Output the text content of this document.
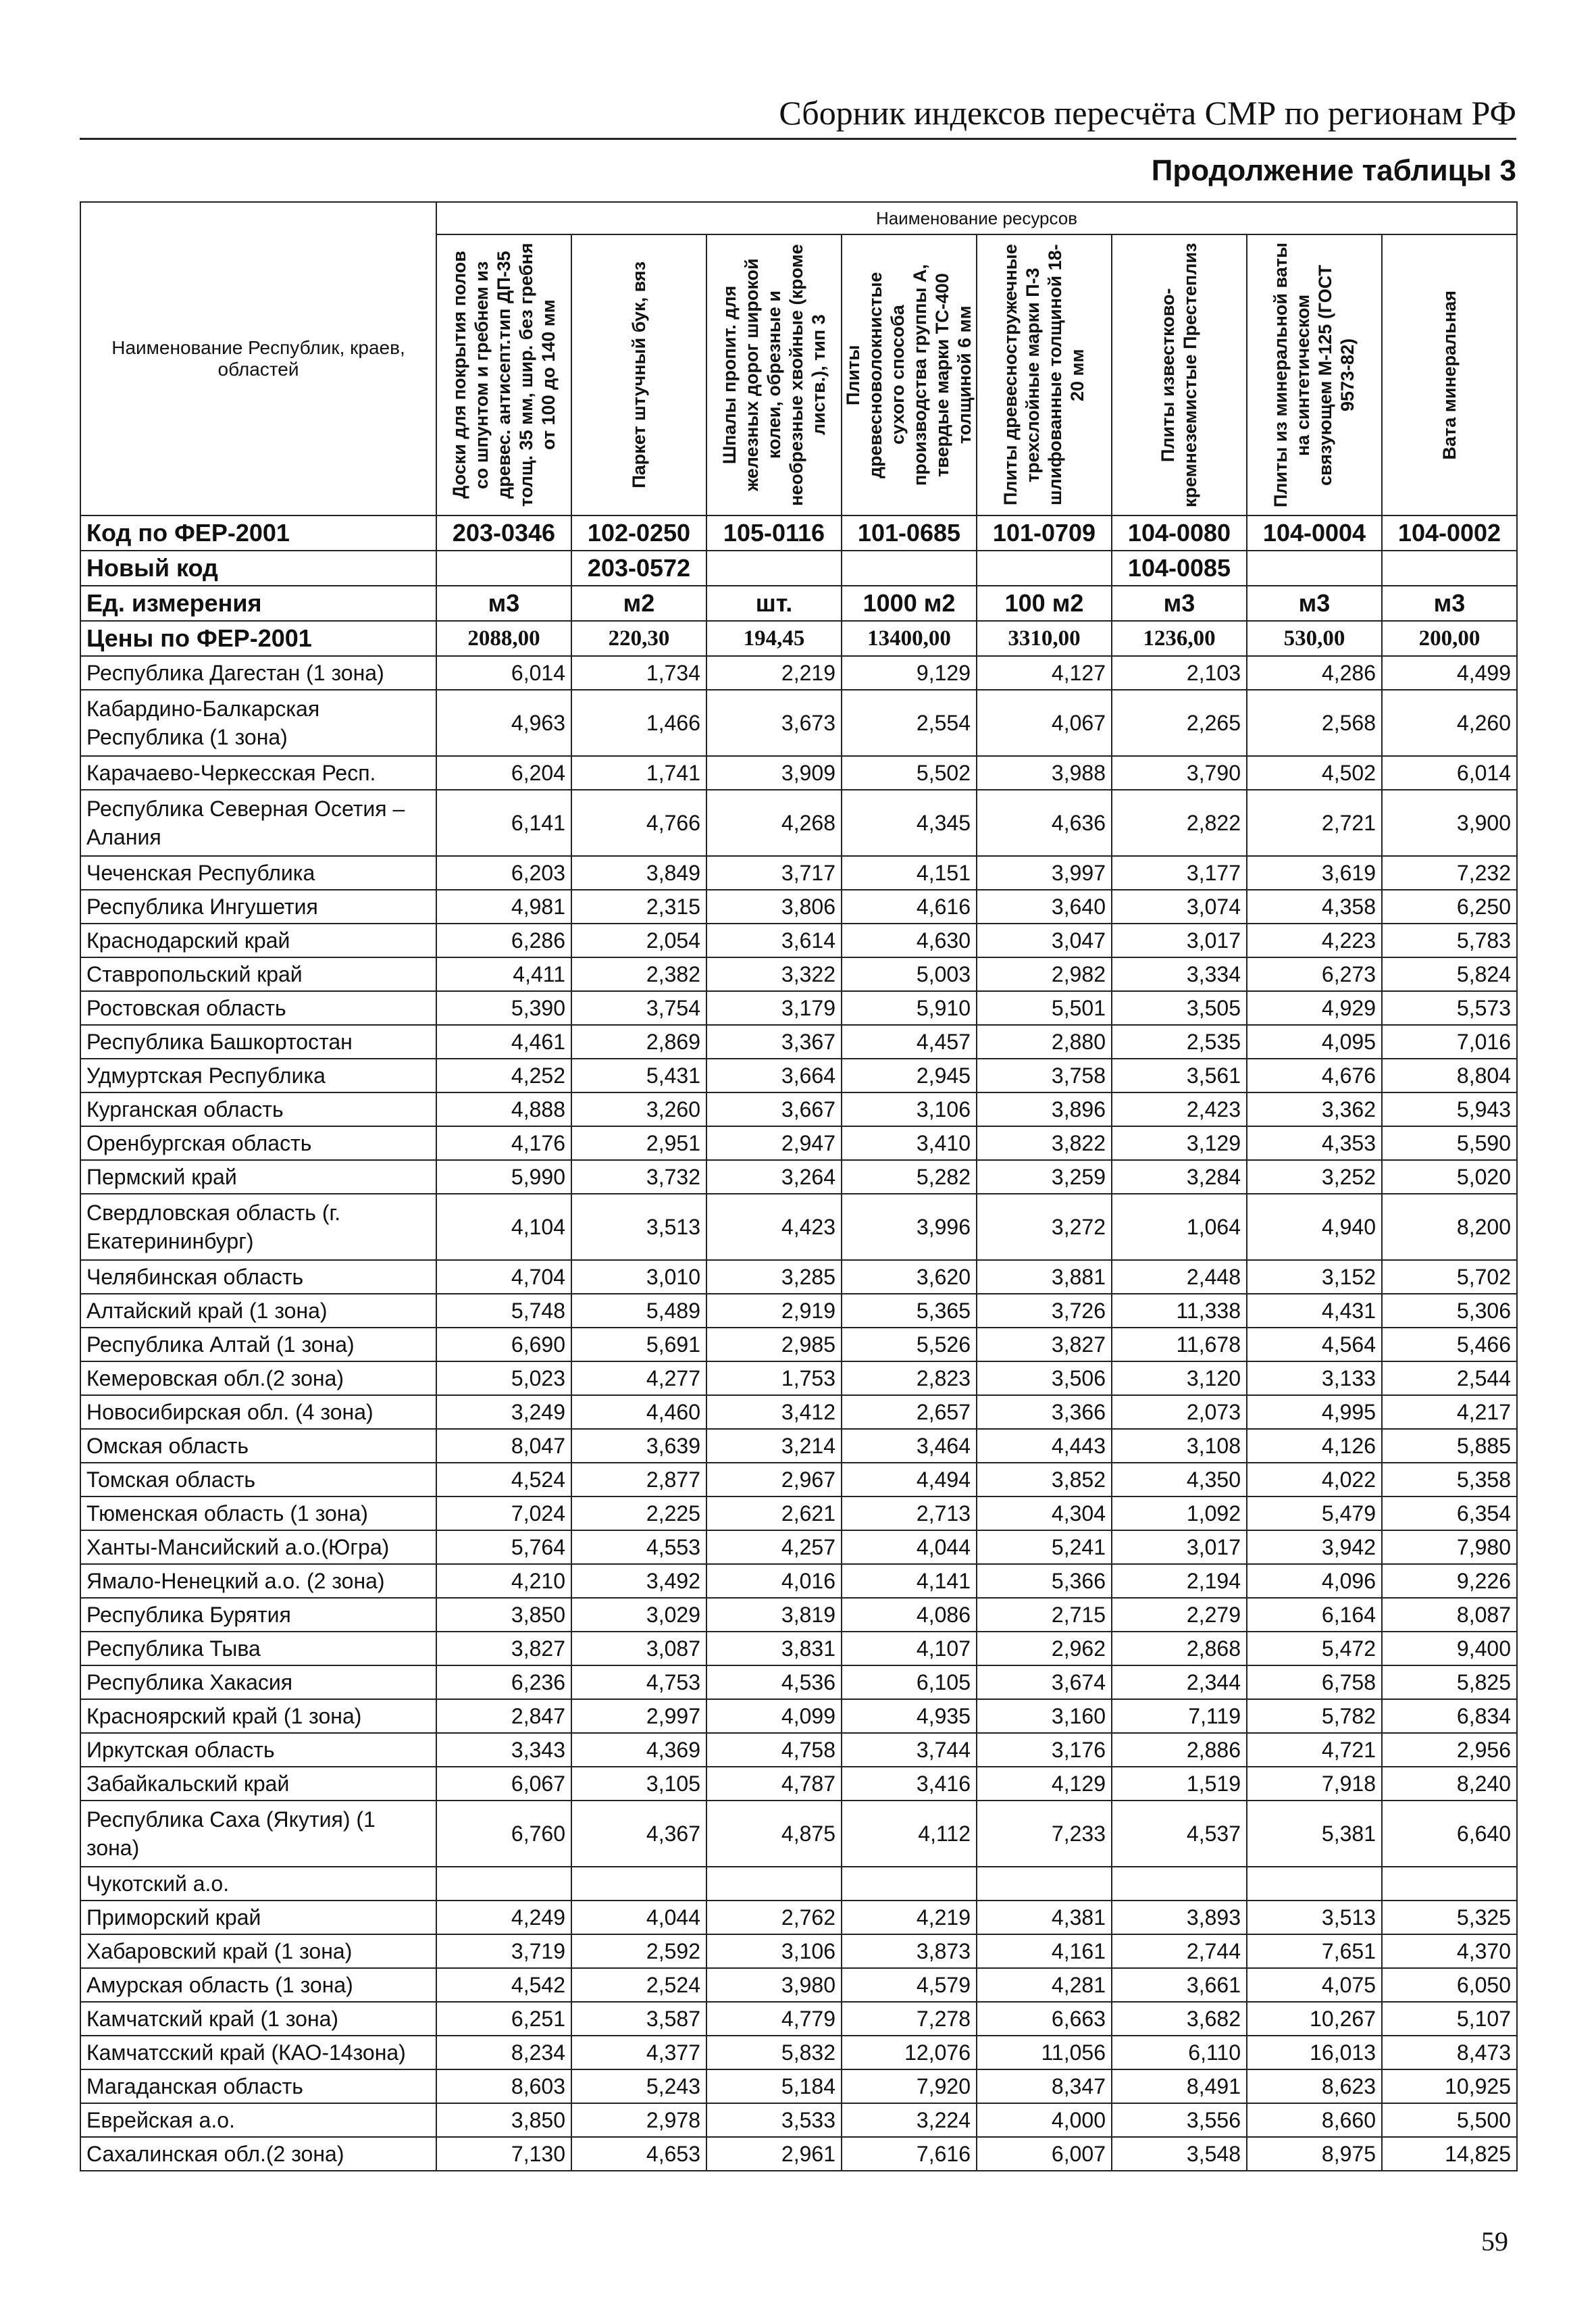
Сборник индексов пересчёта СМР по регионам РФ
Продолжение таблицы 3
Наименование Республик, краев, областей	Наименование ресурсов							

	Доски для покрытия полов со шпунтом и гребнем из древес. антисепт.тип ДП-35 толщ. 35 мм, шир. без гребня от 100 до 140 мм	Паркет штучный бук, вяз	Шпалы пропит. для железных дорог широкой колеи, обрезные и необрезные хвойные (кроме листв.), тип 3	Плиты древесноволокнистые сухого способа производства группы А, твердые марки ТС-400 толщиной 6 мм	Плиты древесностружечные трехслойные марки П-3 шлифованные толщиной 18-20 мм	Плиты известково-кремнеземистые Престеплиз	Плиты из минеральной ваты на синтетическом связующем М-125 (ГОСТ 9573-82)	Вата минеральная

Код по ФЕР-2001	203-0346	102-0250	105-0116	101-0685	101-0709	104-0080	104-0004	104-0002
Новый код		203-0572				104-0085		
Ед. измерения	м3	м2	шт.	1000 м2	100 м2	м3	м3	м3
Цены по ФЕР-2001	2088,00	220,30	194,45	13400,00	3310,00	1236,00	530,00	200,00
Республика Дагестан (1 зона)	6,014	1,734	2,219	9,129	4,127	2,103	4,286	4,499
Кабардино-Балкарская Республика (1 зона)	4,963	1,466	3,673	2,554	4,067	2,265	2,568	4,260
Карачаево-Черкесская Респ.	6,204	1,741	3,909	5,502	3,988	3,790	4,502	6,014
Республика Северная Осетия – Алания	6,141	4,766	4,268	4,345	4,636	2,822	2,721	3,900
Чеченская Республика	6,203	3,849	3,717	4,151	3,997	3,177	3,619	7,232
Республика Ингушетия	4,981	2,315	3,806	4,616	3,640	3,074	4,358	6,250
Краснодарский край	6,286	2,054	3,614	4,630	3,047	3,017	4,223	5,783
Ставропольский край	4,411	2,382	3,322	5,003	2,982	3,334	6,273	5,824
Ростовская область	5,390	3,754	3,179	5,910	5,501	3,505	4,929	5,573
Республика Башкортостан	4,461	2,869	3,367	4,457	2,880	2,535	4,095	7,016
Удмуртская Республика	4,252	5,431	3,664	2,945	3,758	3,561	4,676	8,804
Курганская область	4,888	3,260	3,667	3,106	3,896	2,423	3,362	5,943
Оренбургская область	4,176	2,951	2,947	3,410	3,822	3,129	4,353	5,590
Пермский край	5,990	3,732	3,264	5,282	3,259	3,284	3,252	5,020
Свердловская область (г. Екатерининбург)	4,104	3,513	4,423	3,996	3,272	1,064	4,940	8,200
Челябинская область	4,704	3,010	3,285	3,620	3,881	2,448	3,152	5,702
Алтайский край (1 зона)	5,748	5,489	2,919	5,365	3,726	11,338	4,431	5,306
Республика Алтай (1 зона)	6,690	5,691	2,985	5,526	3,827	11,678	4,564	5,466
Кемеровская обл.(2 зона)	5,023	4,277	1,753	2,823	3,506	3,120	3,133	2,544
Новосибирская обл. (4 зона)	3,249	4,460	3,412	2,657	3,366	2,073	4,995	4,217
Омская область	8,047	3,639	3,214	3,464	4,443	3,108	4,126	5,885
Томская область	4,524	2,877	2,967	4,494	3,852	4,350	4,022	5,358
Тюменская область (1 зона)	7,024	2,225	2,621	2,713	4,304	1,092	5,479	6,354
Ханты-Мансийский а.о.(Югра)	5,764	4,553	4,257	4,044	5,241	3,017	3,942	7,980
Ямало-Ненецкий а.о. (2 зона)	4,210	3,492	4,016	4,141	5,366	2,194	4,096	9,226
Республика Бурятия	3,850	3,029	3,819	4,086	2,715	2,279	6,164	8,087
Республика Тыва	3,827	3,087	3,831	4,107	2,962	2,868	5,472	9,400
Республика Хакасия	6,236	4,753	4,536	6,105	3,674	2,344	6,758	5,825
Красноярский край (1 зона)	2,847	2,997	4,099	4,935	3,160	7,119	5,782	6,834
Иркутская область	3,343	4,369	4,758	3,744	3,176	2,886	4,721	2,956
Забайкальский край	6,067	3,105	4,787	3,416	4,129	1,519	7,918	8,240
Республика Саха (Якутия) (1 зона)	6,760	4,367	4,875	4,112	7,233	4,537	5,381	6,640
Чукотский а.о.								
Приморский край	4,249	4,044	2,762	4,219	4,381	3,893	3,513	5,325
Хабаровский край (1 зона)	3,719	2,592	3,106	3,873	4,161	2,744	7,651	4,370
Амурская область (1 зона)	4,542	2,524	3,980	4,579	4,281	3,661	4,075	6,050
Камчатский край (1 зона)	6,251	3,587	4,779	7,278	6,663	3,682	10,267	5,107
Камчатсский край (КАО-14зона)	8,234	4,377	5,832	12,076	11,056	6,110	16,013	8,473
Магаданская область	8,603	5,243	5,184	7,920	8,347	8,491	8,623	10,925
Еврейская а.о.	3,850	2,978	3,533	3,224	4,000	3,556	8,660	5,500
Сахалинская обл.(2 зона)	7,130	4,653	2,961	7,616	6,007	3,548	8,975	14,825
59
